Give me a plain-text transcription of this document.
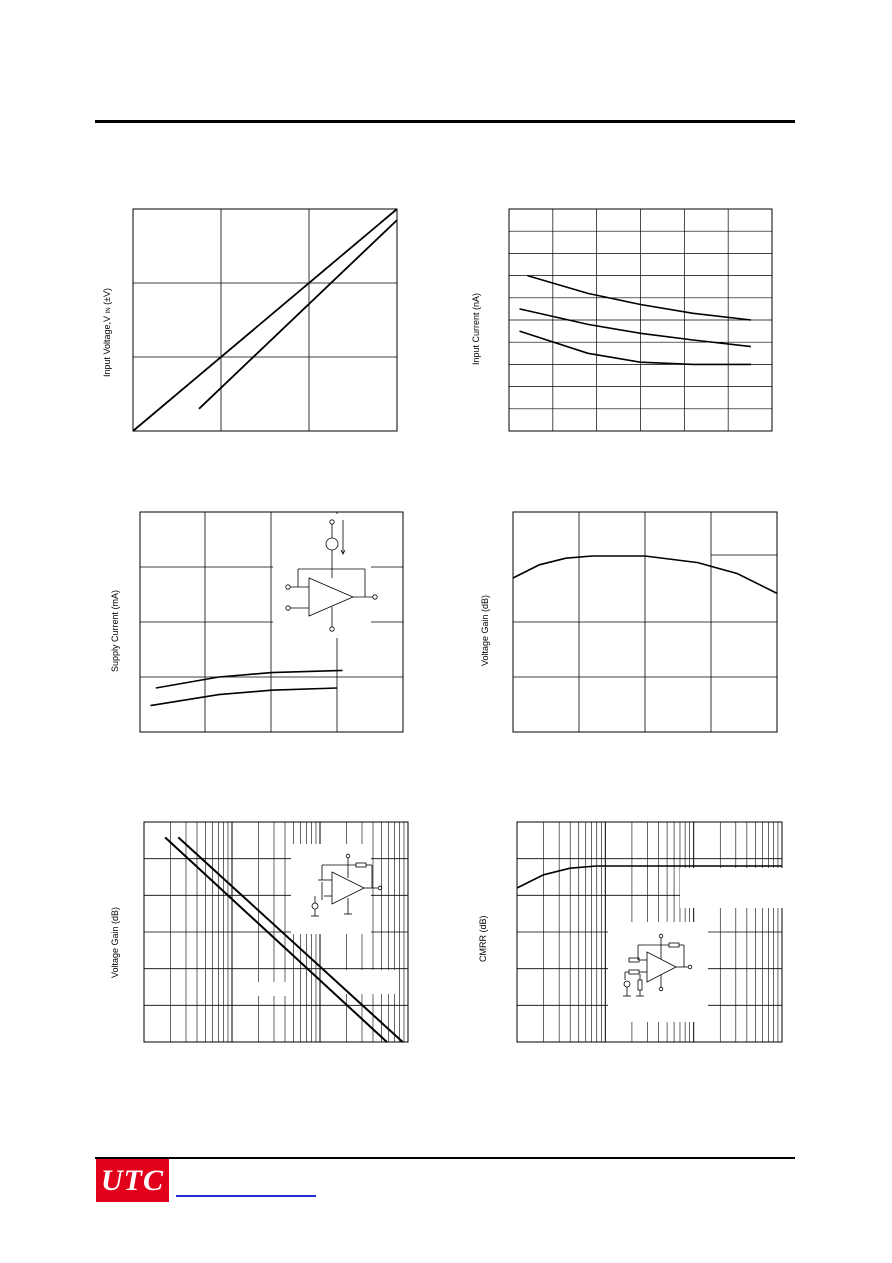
Input Voltage,V IN (±V)	Input Current (nA)
Supply Current (mA)	Voltage Gain (dB)
Voltage Gain (dB)	CMRR (dB)
UTC
